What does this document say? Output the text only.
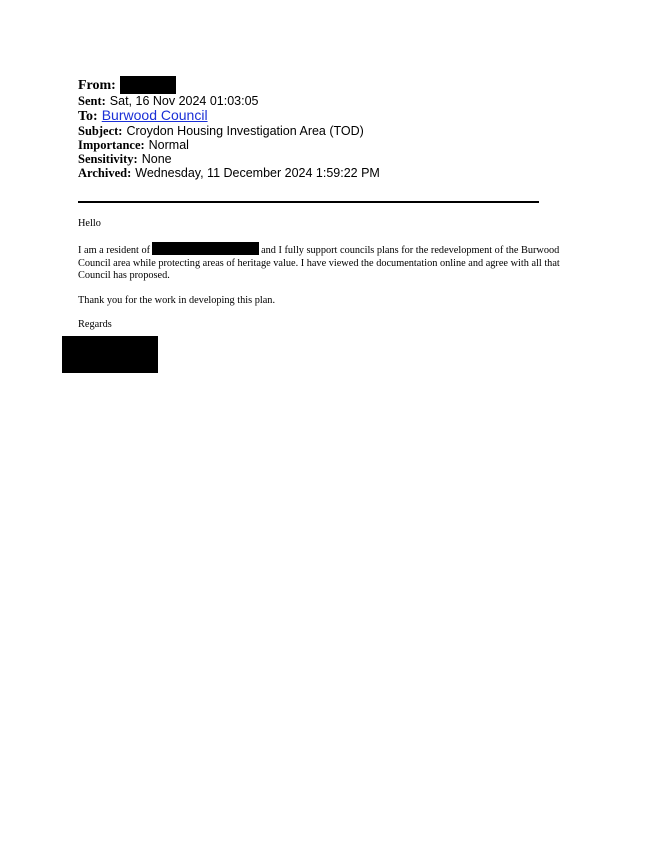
From:
Sent: Sat, 16 Nov 2024 01:03:05
To: Burwood Council
Subject: Croydon Housing Investigation Area (TOD)
Importance: Normal
Sensitivity: None
Archived: Wednesday, 11 December 2024 1:59:22 PM

Hello

I am a resident of	and I fully support councils plans for the redevelopment of the Burwood Council area while protecting areas of heritage value. I have viewed the documentation online and agree with all that Council has proposed.

Thank you for the work in developing this plan.

Regards
